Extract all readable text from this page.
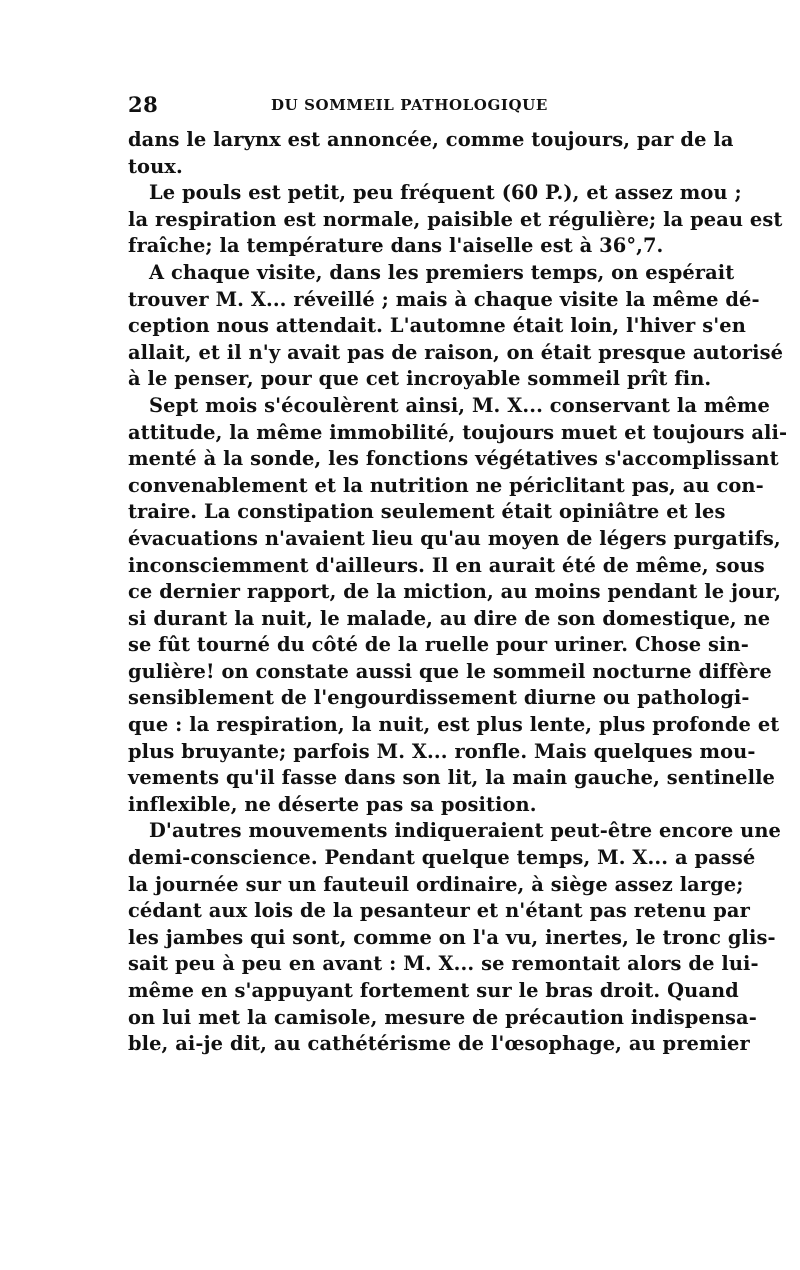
28	DU SOMMEIL PATHOLOGIQUE
dans le larynx est annoncée, comme toujours, par de la
toux.
Le pouls est petit, peu fréquent (60 P.), et assez mou ;
la respiration est normale, paisible et régulière; la peau est
fraîche; la température dans l'aiselle est à 36°,7.
A chaque visite, dans les premiers temps, on espérait
trouver M. X... réveillé ; mais à chaque visite la même dé-
ception nous attendait. L'automne était loin, l'hiver s'en
allait, et il n'y avait pas de raison, on était presque autorisé
à le penser, pour que cet incroyable sommeil prît fin.
Sept mois s'écoulèrent ainsi, M. X... conservant la même
attitude, la même immobilité, toujours muet et toujours ali-
menté à la sonde, les fonctions végétatives s'accomplissant
convenablement et la nutrition ne périclitant pas, au con-
traire. La constipation seulement était opiniâtre et les
évacuations n'avaient lieu qu'au moyen de légers purgatifs,
inconsciemment d'ailleurs. Il en aurait été de même, sous
ce dernier rapport, de la miction, au moins pendant le jour,
si durant la nuit, le malade, au dire de son domestique, ne
se fût tourné du côté de la ruelle pour uriner. Chose sin-
gulière! on constate aussi que le sommeil nocturne diffère
sensiblement de l'engourdissement diurne ou pathologi-
que : la respiration, la nuit, est plus lente, plus profonde et
plus bruyante; parfois M. X... ronfle. Mais quelques mou-
vements qu'il fasse dans son lit, la main gauche, sentinelle
inflexible, ne déserte pas sa position.
D'autres mouvements indiqueraient peut-être encore une
demi-conscience. Pendant quelque temps, M. X... a passé
la journée sur un fauteuil ordinaire, à siège assez large;
cédant aux lois de la pesanteur et n'étant pas retenu par
les jambes qui sont, comme on l'a vu, inertes, le tronc glis-
sait peu à peu en avant : M. X... se remontait alors de lui-
même en s'appuyant fortement sur le bras droit. Quand
on lui met la camisole, mesure de précaution indispensa-
ble, ai-je dit, au cathétérisme de l'œsophage, au premier
